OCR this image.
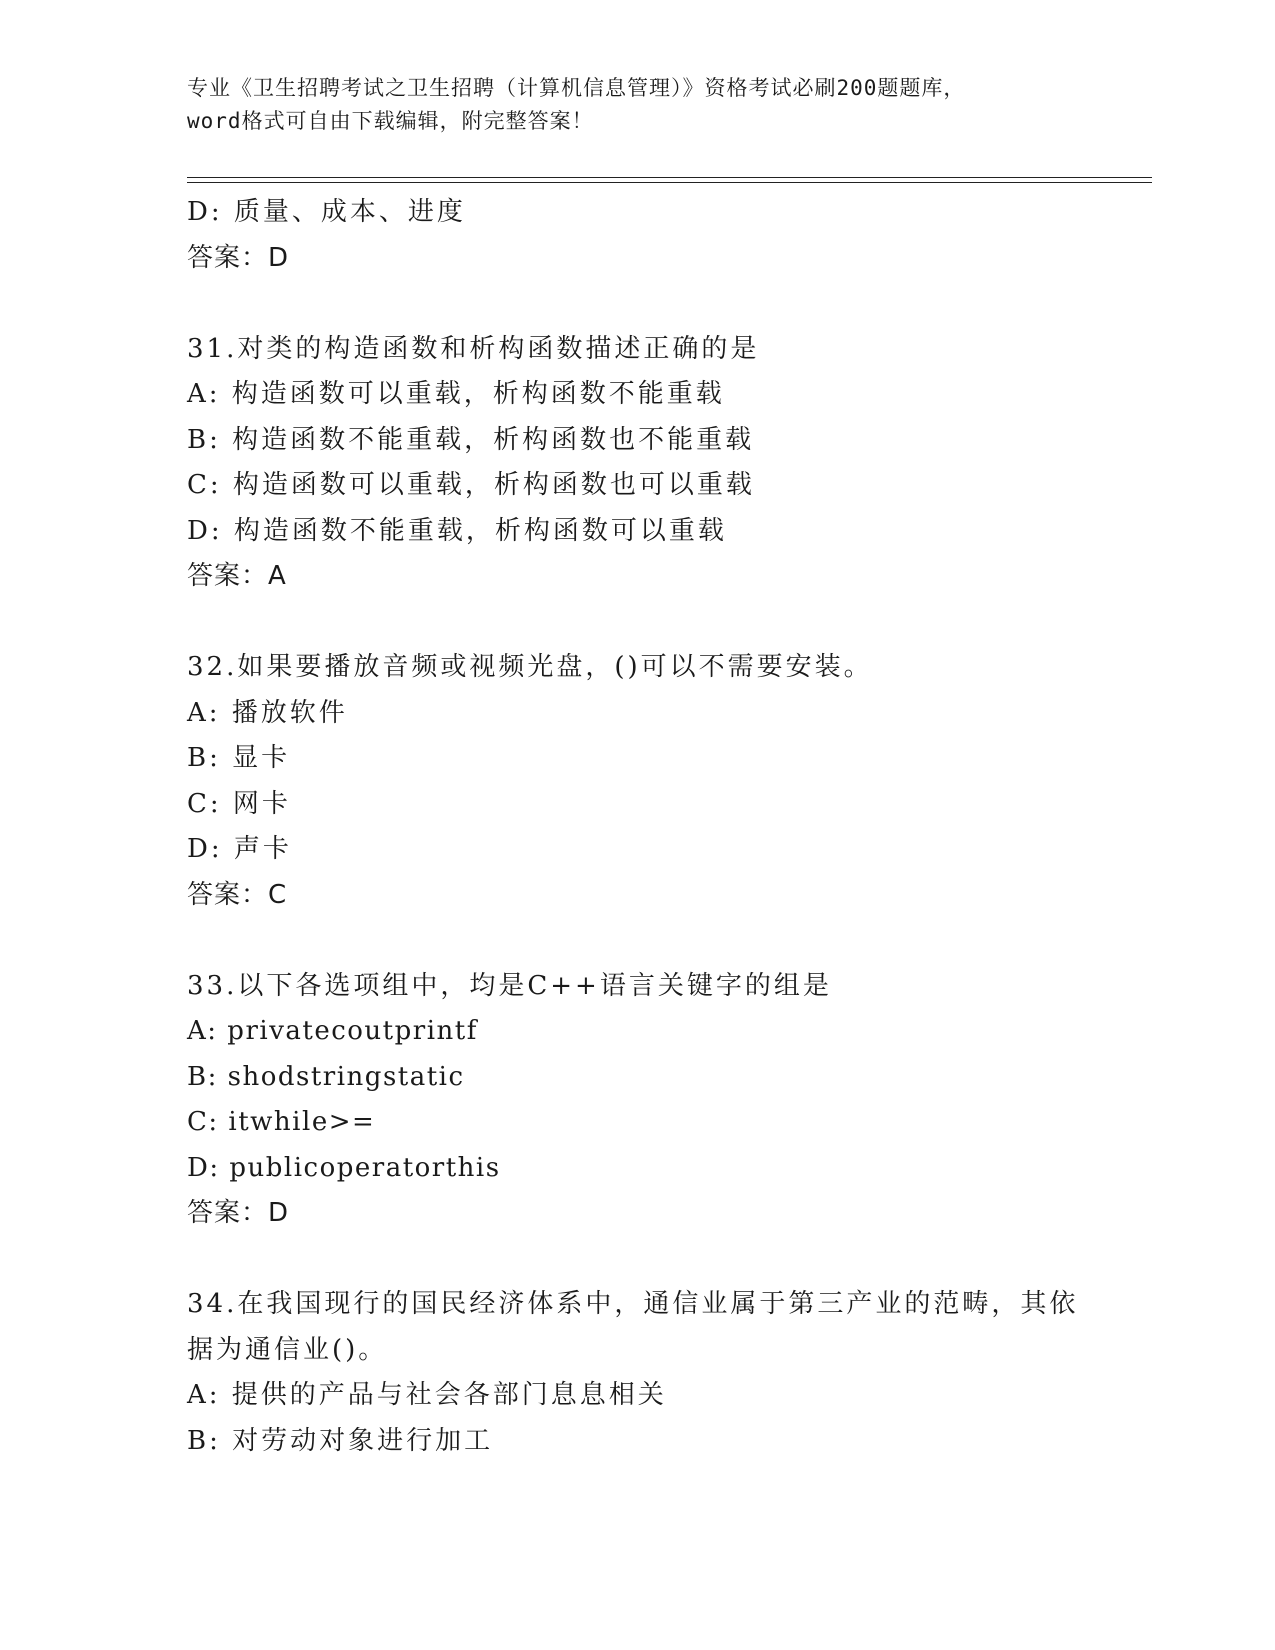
专业《卫生招聘考试之卫生招聘（计算机信息管理）》资格考试必刷200题题库，
word格式可自由下载编辑，附完整答案！
D: 质量、成本、进度
答案：D
31.对类的构造函数和析构函数描述正确的是
A: 构造函数可以重载，析构函数不能重载
B: 构造函数不能重载，析构函数也不能重载
C: 构造函数可以重载，析构函数也可以重载
D: 构造函数不能重载，析构函数可以重载
答案：A
32.如果要播放音频或视频光盘，()可以不需要安装。
A: 播放软件
B: 显卡
C: 网卡
D: 声卡
答案：C
33.以下各选项组中，均是C++语言关键字的组是
A: privatecoutprintf
B: shodstringstatic
C: itwhile>=
D: publicoperatorthis
答案：D
34.在我国现行的国民经济体系中，通信业属于第三产业的范畴，其依
据为通信业()。
A: 提供的产品与社会各部门息息相关
B: 对劳动对象进行加工
